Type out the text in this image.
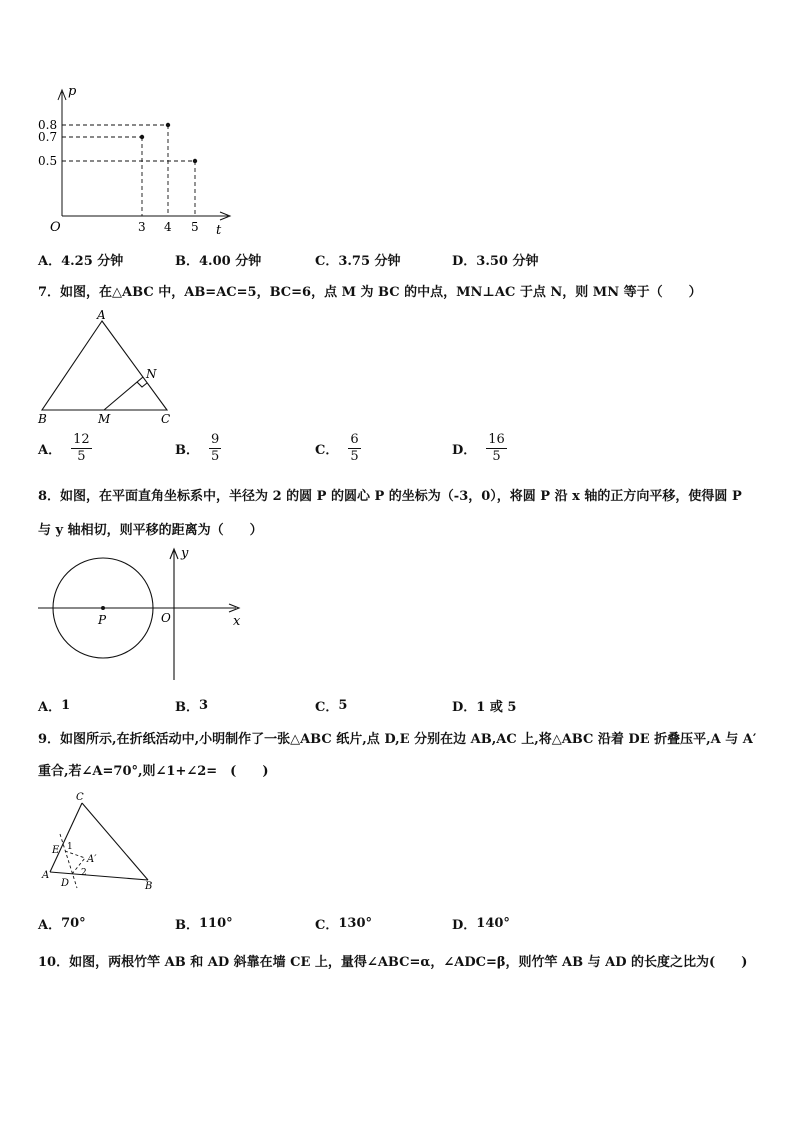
p
t
O
0.8
0.7
0.5
3 4 5
A． 4.25 分钟	B． 4.00 分钟	C． 3.75 分钟	D． 3.50 分钟
7．如图，在△ABC 中，AB=AC=5，BC=6，点 M 为 BC 的中点，MN⊥AC 于点 N，则 MN 等于（　　）
A
B	C
M
N
A． $\frac{12}{5}$	B． $\frac{9}{5}$	C． $\frac{6}{5}$	D． $\frac{16}{5}$
8．如图，在平面直角坐标系中，半径为 2 的圆 P 的圆心 P 的坐标为（-3，0），将圆 P 沿 x 轴的正方向平移，使得圆 P
与 y 轴相切，则平移的距离为（　　）
P	O	x
y
A． 1	B． 3	C． 5	D． 1 或 5
9．如图所示,在折纸活动中,小明制作了一张△ABC 纸片,点 D,E 分别在边 AB,AC 上,将△ABC 沿着 DE 折叠压平,A 与 A′
重合,若∠A=70°,则∠1+∠2=　(　　)
C
E 1
A′
2
A
D	B
A． 70°	B． 110°	C． 130°	D． 140°
10．如图，两根竹竿 AB 和 AD 斜靠在墙 CE 上，量得∠ABC=α，∠ADC=β，则竹竿 AB 与 AD 的长度之比为(　　)
